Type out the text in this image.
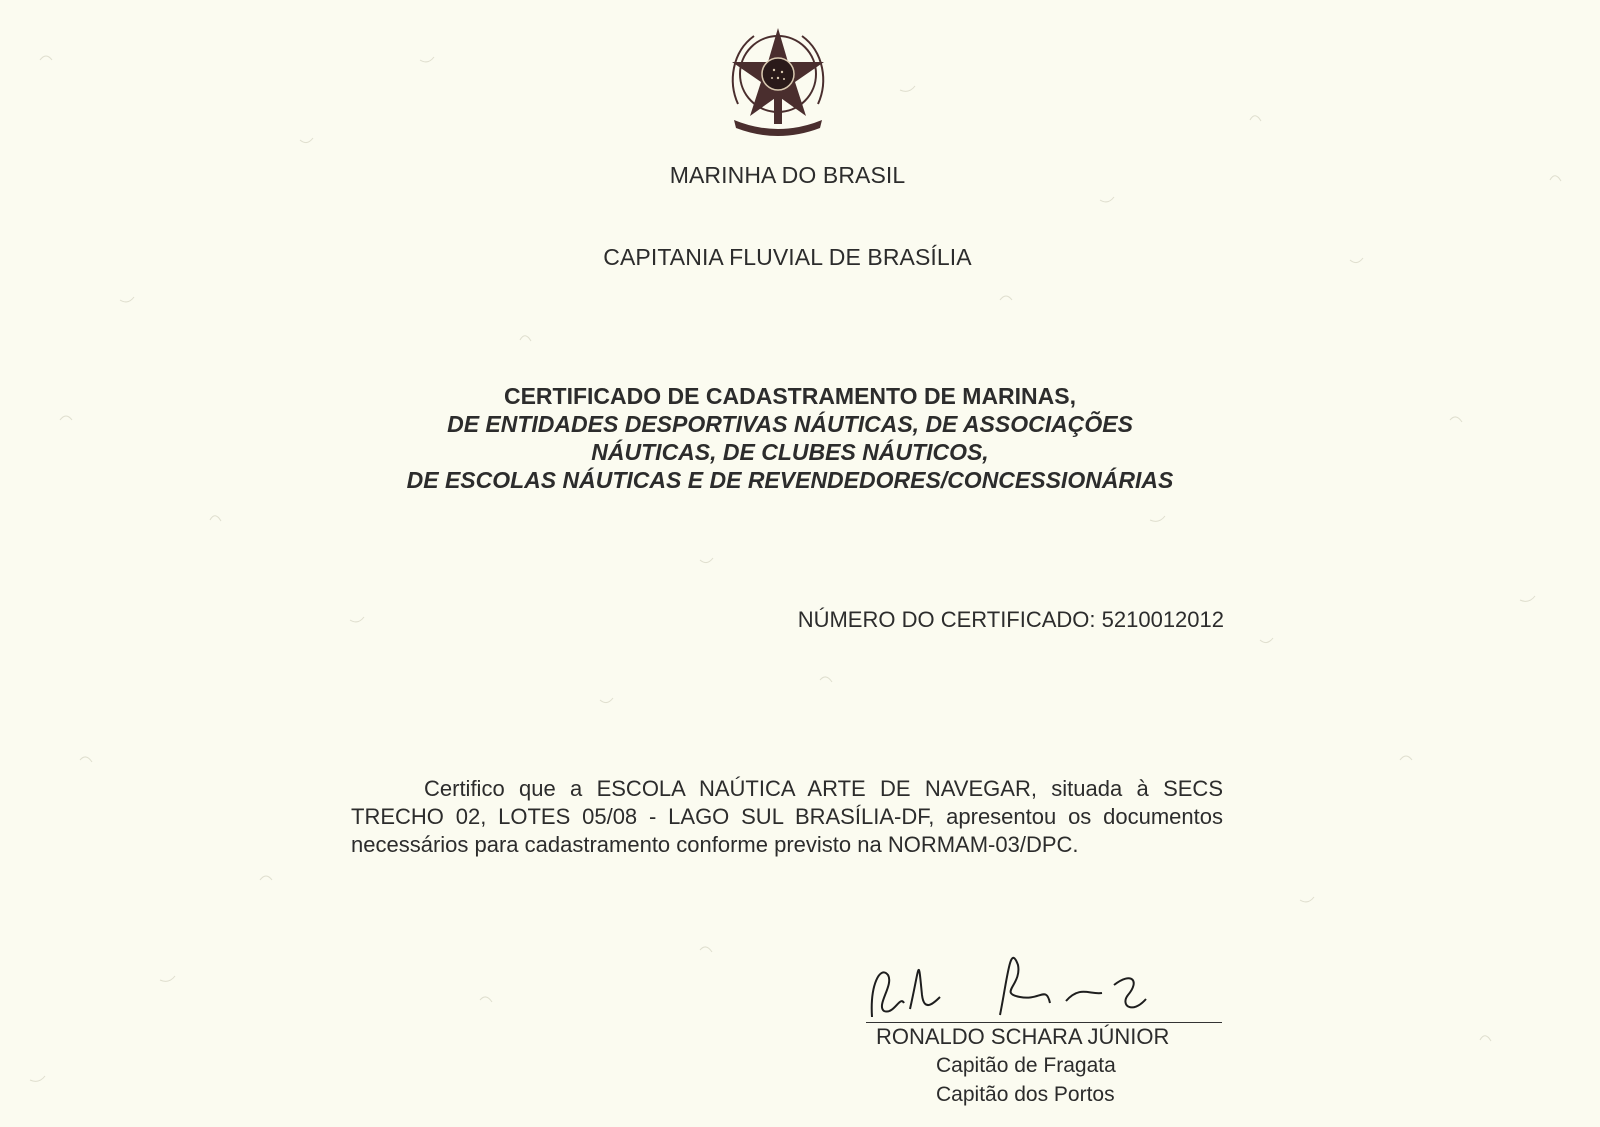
MARINHA DO BRASIL
CAPITANIA FLUVIAL DE BRASÍLIA
CERTIFICADO DE CADASTRAMENTO DE MARINAS,
DE ENTIDADES DESPORTIVAS NÁUTICAS, DE ASSOCIAÇÕES
NÁUTICAS, DE CLUBES NÁUTICOS,
DE ESCOLAS NÁUTICAS E DE REVENDEDORES/CONCESSIONÁRIAS
NÚMERO DO CERTIFICADO: 5210012012
Certifico que a ESCOLA NAÚTICA ARTE DE NAVEGAR, situada à SECS TRECHO 02, LOTES 05/08 - LAGO SUL BRASÍLIA-DF, apresentou os documentos necessários para cadastramento conforme previsto na NORMAM-03/DPC.
RONALDO SCHARA JÚNIOR
Capitão de Fragata
Capitão dos Portos
